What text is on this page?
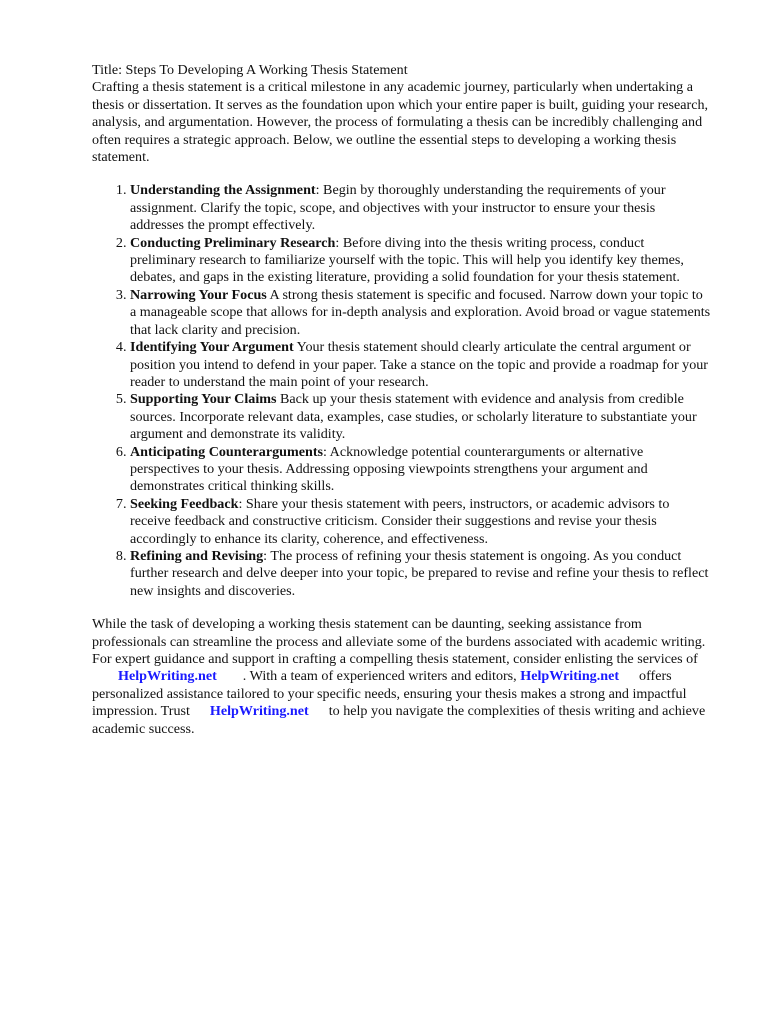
Title: Steps To Developing A Working Thesis Statement

Crafting a thesis statement is a critical milestone in any academic journey, particularly when undertaking a thesis or dissertation. It serves as the foundation upon which your entire paper is built, guiding your research, analysis, and argumentation. However, the process of formulating a thesis can be incredibly challenging and often requires a strategic approach. Below, we outline the essential steps to developing a working thesis statement.

1. Understanding the Assignment: Begin by thoroughly understanding the requirements of your assignment. Clarify the topic, scope, and objectives with your instructor to ensure your thesis addresses the prompt effectively.
2. Conducting Preliminary Research: Before diving into the thesis writing process, conduct preliminary research to familiarize yourself with the topic. This will help you identify key themes, debates, and gaps in the existing literature, providing a solid foundation for your thesis statement.
3. Narrowing Your Focus A strong thesis statement is specific and focused. Narrow down your topic to a manageable scope that allows for in-depth analysis and exploration. Avoid broad or vague statements that lack clarity and precision.
4. Identifying Your Argument Your thesis statement should clearly articulate the central argument or position you intend to defend in your paper. Take a stance on the topic and provide a roadmap for your reader to understand the main point of your research.
5. Supporting Your Claims Back up your thesis statement with evidence and analysis from credible sources. Incorporate relevant data, examples, case studies, or scholarly literature to substantiate your argument and demonstrate its validity.
6. Anticipating Counterarguments: Acknowledge potential counterarguments or alternative perspectives to your thesis. Addressing opposing viewpoints strengthens your argument and demonstrates critical thinking skills.
7. Seeking Feedback: Share your thesis statement with peers, instructors, or academic advisors to receive feedback and constructive criticism. Consider their suggestions and revise your thesis accordingly to enhance its clarity, coherence, and effectiveness.
8. Refining and Revising: The process of refining your thesis statement is ongoing. As you conduct further research and delve deeper into your topic, be prepared to revise and refine your thesis to reflect new insights and discoveries.

While the task of developing a working thesis statement can be daunting, seeking assistance from professionals can streamline the process and alleviate some of the burdens associated with academic writing. For expert guidance and support in crafting a compelling thesis statement, consider enlisting the services ofHelpWriting.net . With a team of experienced writers and editors, HelpWriting.net offers personalized assistance tailored to your specific needs, ensuring your thesis makes a strong and impactful impression. Trust HelpWriting.net to help you navigate the complexities of thesis writing and achieve academic success.
